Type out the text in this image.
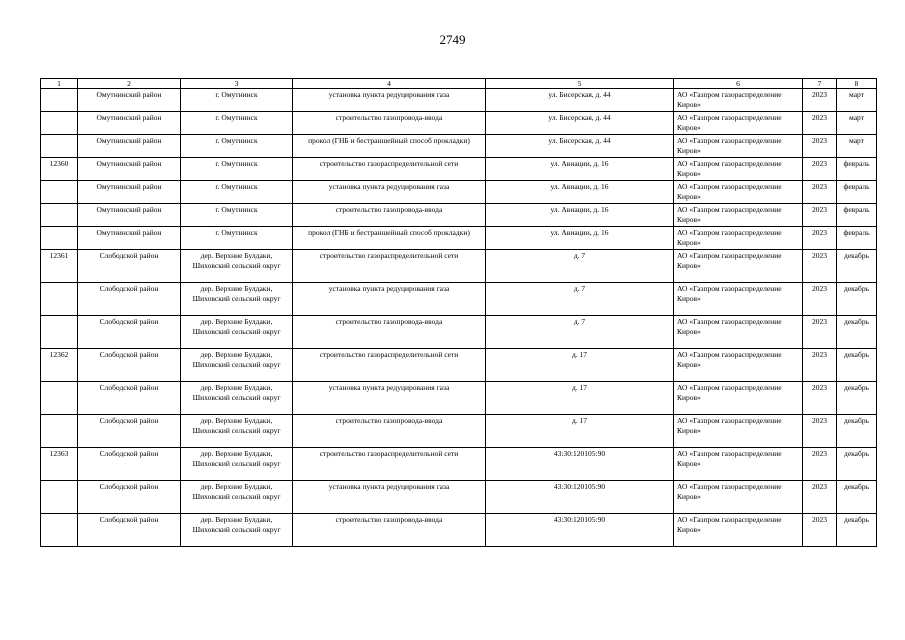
2749
1	2	3	4	5	6	7	8
	Омутнинский район	г. Омутнинск	установка пункта редуцирования газа	ул. Бисерская, д. 44	АО «Газпром газораспределение Киров»	2023	март
	Омутнинский район	г. Омутнинск	строительство газопровода-ввода	ул. Бисерская, д. 44	АО «Газпром газораспределение Киров»	2023	март
	Омутнинский район	г. Омутнинск	прокол (ГНБ и бестраншейный способ прокладки)	ул. Бисерская, д. 44	АО «Газпром газораспределение Киров»	2023	март
12360	Омутнинский район	г. Омутнинск	строительство газораспределительной сети	ул. Авиации, д. 16	АО «Газпром газораспределение Киров»	2023	февраль
	Омутнинский район	г. Омутнинск	установка пункта редуцирования газа	ул. Авиации, д. 16	АО «Газпром газораспределение Киров»	2023	февраль
	Омутнинский район	г. Омутнинск	строительство газопровода-ввода	ул. Авиации, д. 16	АО «Газпром газораспределение Киров»	2023	февраль
	Омутнинский район	г. Омутнинск	прокол (ГНБ и бестраншейный способ прокладки)	ул. Авиации, д. 16	АО «Газпром газораспределение Киров»	2023	февраль
12361	Слободской район	дер. Верхние Булдаки, Шиховский сельский округ	строительство газораспределительной сети	д. 7	АО «Газпром газораспределение Киров»	2023	декабрь
	Слободской район	дер. Верхние Булдаки, Шиховский сельский округ	установка пункта редуцирования газа	д. 7	АО «Газпром газораспределение Киров»	2023	декабрь
	Слободской район	дер. Верхние Булдаки, Шиховский сельский округ	строительство газопровода-ввода	д. 7	АО «Газпром газораспределение Киров»	2023	декабрь
12362	Слободской район	дер. Верхние Булдаки, Шиховский сельский округ	строительство газораспределительной сети	д. 17	АО «Газпром газораспределение Киров»	2023	декабрь
	Слободской район	дер. Верхние Булдаки, Шиховский сельский округ	установка пункта редуцирования газа	д. 17	АО «Газпром газораспределение Киров»	2023	декабрь
	Слободской район	дер. Верхние Булдаки, Шиховский сельский округ	строительство газопровода-ввода	д. 17	АО «Газпром газораспределение Киров»	2023	декабрь
12363	Слободской район	дер. Верхние Булдаки, Шиховский сельский округ	строительство газораспределительной сети	43:30:120105:90	АО «Газпром газораспределение Киров»	2023	декабрь
	Слободской район	дер. Верхние Булдаки, Шиховский сельский округ	установка пункта редуцирования газа	43:30:120105:90	АО «Газпром газораспределение Киров»	2023	декабрь
	Слободской район	дер. Верхние Булдаки, Шиховский сельский округ	строительство газопровода-ввода	43:30:120105:90	АО «Газпром газораспределение Киров»	2023	декабрь
